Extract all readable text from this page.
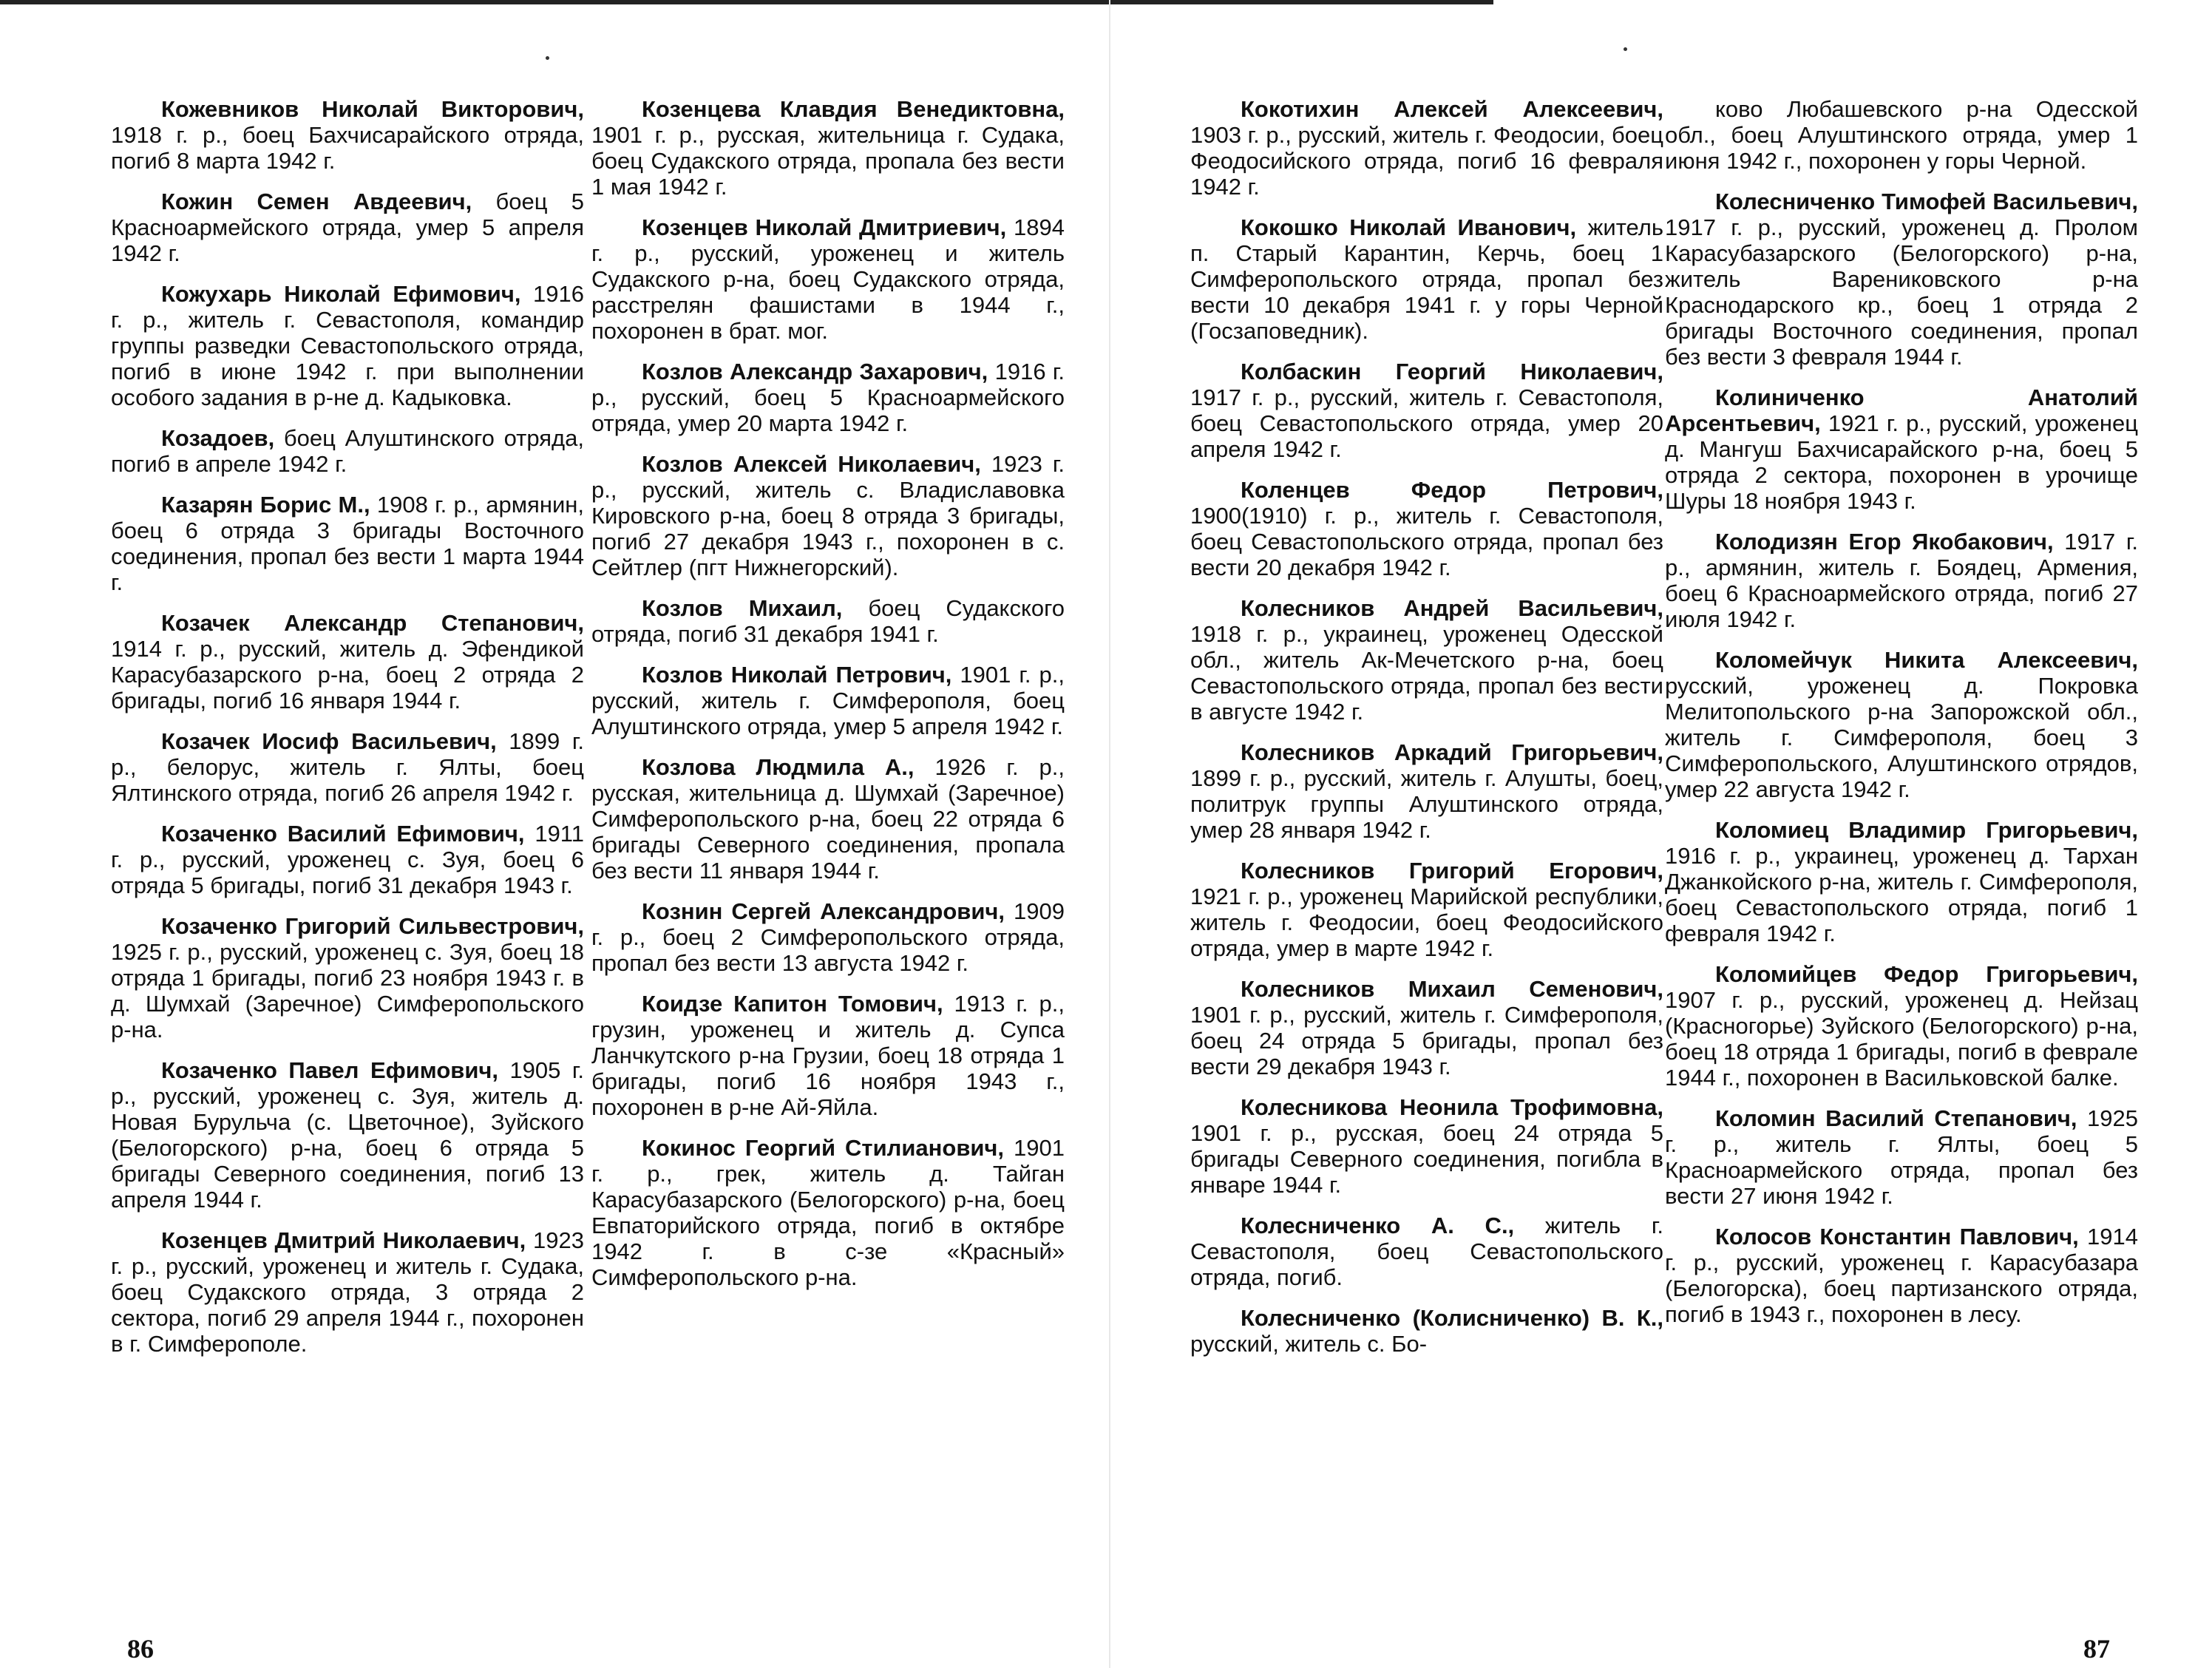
Кожевников Николай Викторович, 1918 г. р., боец Бахчисарайского отряда, погиб 8 марта 1942 г.

Кожин Семен Авдеевич, боец 5 Красноармейского отряда, умер 5 апреля 1942 г.

Кожухарь Николай Ефимович, 1916 г. р., житель г. Севастополя, командир группы разведки Севастопольского отряда, погиб в июне 1942 г. при выполнении особого задания в р-не д. Кадыковка.

Козадоев, боец Алуштинского отряда, погиб в апреле 1942 г.

Казарян Борис М., 1908 г. р., армянин, боец 6 отряда 3 бригады Восточного соединения, пропал без вести 1 марта 1944 г.

Козачек Александр Степанович, 1914 г. р., русский, житель д. Эфендикой Карасубазарского р-на, боец 2 отряда 2 бригады, погиб 16 января 1944 г.

Козачек Иосиф Васильевич, 1899 г. р., белорус, житель г. Ялты, боец Ялтинского отряда, погиб 26 апреля 1942 г.

Козаченко Василий Ефимович, 1911 г. р., русский, уроженец с. Зуя, боец 6 отряда 5 бригады, погиб 31 декабря 1943 г.

Козаченко Григорий Сильвестрович, 1925 г. р., русский, уроженец с. Зуя, боец 18 отряда 1 бригады, погиб 23 ноября 1943 г. в д. Шумхай (Заречное) Симферопольского р-на.

Козаченко Павел Ефимович, 1905 г. р., русский, уроженец с. Зуя, житель д. Новая Бурульча (с. Цветочное), Зуйского (Белогорского) р-на, боец 6 отряда 5 бригады Северного соединения, погиб 13 апреля 1944 г.

Козенцев Дмитрий Николаевич, 1923 г. р., русский, уроженец и житель г. Судака, боец Судакского отряда, 3 отряда 2 сектора, погиб 29 апреля 1944 г., похоронен в г. Симферополе.

Козенцева Клавдия Венедиктовна, 1901 г. р., русская, жительница г. Судака, боец Судакского отряда, пропала без вести 1 мая 1942 г.

Козенцев Николай Дмитриевич, 1894 г. р., русский, уроженец и житель Судакского р-на, боец Судакского отряда, расстрелян фашистами в 1944 г., похоронен в брат. мог.

Козлов Александр Захарович, 1916 г. р., русский, боец 5 Красноармейского отряда, умер 20 марта 1942 г.

Козлов Алексей Николаевич, 1923 г. р., русский, житель с. Владиславовка Кировского р-на, боец 8 отряда 3 бригады, погиб 27 декабря 1943 г., похоронен в с. Сейтлер (пгт Нижнегорский).

Козлов Михаил, боец Судакского отряда, погиб 31 декабря 1941 г.

Козлов Николай Петрович, 1901 г. р., русский, житель г. Симферополя, боец Алуштинского отряда, умер 5 апреля 1942 г.

Козлова Людмила А., 1926 г. р., русская, жительница д. Шумхай (Заречное) Симферопольского р-на, боец 22 отряда 6 бригады Северного соединения, пропала без вести 11 января 1944 г.

Кознин Сергей Александрович, 1909 г. р., боец 2 Симферопольского отряда, пропал без вести 13 августа 1942 г.

Коидзе Капитон Томович, 1913 г. р., грузин, уроженец и житель д. Супса Ланчкутского р-на Грузии, боец 18 отряда 1 бригады, погиб 16 ноября 1943 г., похоронен в р-не Ай-Яйла.

Кокинос Георгий Стилианович, 1901 г. р., грек, житель д. Тайган Карасубазарского (Белогорского) р-на, боец Евпаторийского отряда, погиб в октябре 1942 г. в с-зе «Красный» Симферопольского р-на.

Кокотихин Алексей Алексеевич, 1903 г. р., русский, житель г. Феодосии, боец Феодосийского отряда, погиб 16 февраля 1942 г.

Кокошко Николай Иванович, житель п. Старый Карантин, Керчь, боец 1 Симферопольского отряда, пропал без вести 10 декабря 1941 г. у горы Черной (Госзаповедник).

Колбаскин Георгий Николаевич, 1917 г. р., русский, житель г. Севастополя, боец Севастопольского отряда, умер 20 апреля 1942 г.

Коленцев Федор Петрович, 1900(1910) г. р., житель г. Севастополя, боец Севастопольского отряда, пропал без вести 20 декабря 1942 г.

Колесников Андрей Васильевич, 1918 г. р., украинец, уроженец Одесской обл., житель Ак-Мечетского р-на, боец Севастопольского отряда, пропал без вести в августе 1942 г.

Колесников Аркадий Григорьевич, 1899 г. р., русский, житель г. Алушты, боец, политрук группы Алуштинского отряда, умер 28 января 1942 г.

Колесников Григорий Егорович, 1921 г. р., уроженец Марийской республики, житель г. Феодосии, боец Феодосийского отряда, умер в марте 1942 г.

Колесников Михаил Семенович, 1901 г. р., русский, житель г. Симферополя, боец 24 отряда 5 бригады, пропал без вести 29 декабря 1943 г.

Колесникова Неонила Трофимовна, 1901 г. р., русская, боец 24 отряда 5 бригады Северного соединения, погибла в январе 1944 г.

Колесниченко А. С., житель г. Севастополя, боец Севастопольского отряда, погиб.

Колесниченко (Колисниченко) В. К., русский, житель с. Бо-

ково Любашевского р-на Одесской обл., боец Алуштинского отряда, умер 1 июня 1942 г., похоронен у горы Черной.

Колесниченко Тимофей Васильевич, 1917 г. р., русский, уроженец д. Пролом Карасубазарского (Белогорского) р-на, житель Варениковского р-на Краснодарского кр., боец 1 отряда 2 бригады Восточного соединения, пропал без вести 3 февраля 1944 г.

Колиниченко Анатолий Арсентьевич, 1921 г. р., русский, уроженец д. Мангуш Бахчисарайского р-на, боец 5 отряда 2 сектора, похоронен в урочище Шуры 18 ноября 1943 г.

Колодизян Егор Якобакович, 1917 г. р., армянин, житель г. Боядец, Армения, боец 6 Красноармейского отряда, погиб 27 июля 1942 г.

Коломейчук Никита Алексеевич, русский, уроженец д. Покровка Мелитопольского р-на Запорожской обл., житель г. Симферополя, боец 3 Симферопольского, Алуштинского отрядов, умер 22 августа 1942 г.

Коломиец Владимир Григорьевич, 1916 г. р., украинец, уроженец д. Тархан Джанкойского р-на, житель г. Симферополя, боец Севастопольского отряда, погиб 1 февраля 1942 г.

Коломийцев Федор Григорьевич, 1907 г. р., русский, уроженец д. Нейзац (Красногорье) Зуйского (Белогорского) р-на, боец 18 отряда 1 бригады, погиб в феврале 1944 г., похоронен в Васильковской балке.

Коломин Василий Степанович, 1925 г. р., житель г. Ялты, боец 5 Красноармейского отряда, пропал без вести 27 июня 1942 г.

Колосов Константин Павлович, 1914 г. р., русский, уроженец г. Карасубазара (Белогорска), боец партизанского отряда, погиб в 1943 г., похоронен в лесу.

86	87
